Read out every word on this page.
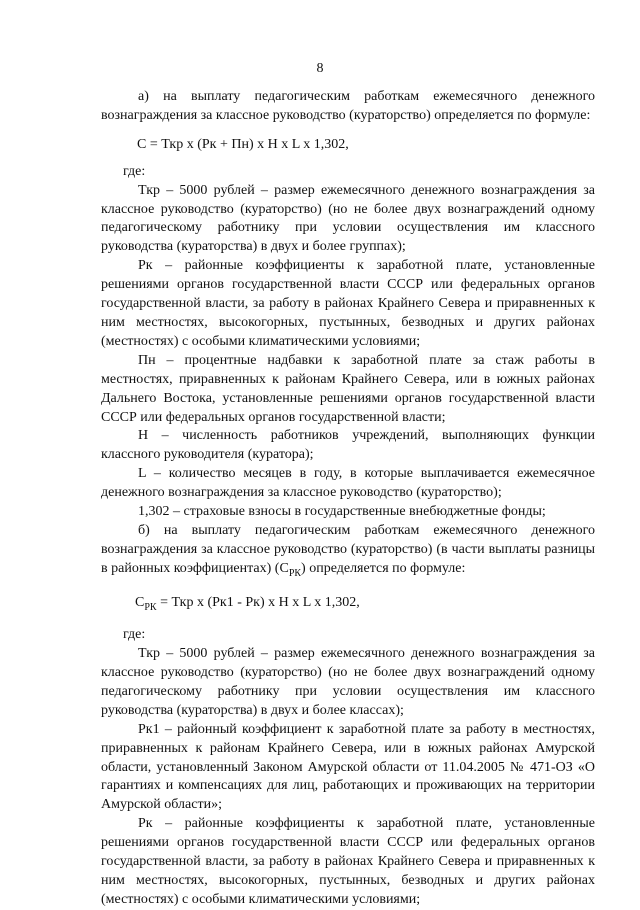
8

а) на выплату педагогическим работкам ежемесячного денежного вознаграждения за классное руководство (кураторство) определяется по формуле:

С = Ткр х (Рк + Пн) х Н х L х 1,302,

где:

Ткр – 5000 рублей – размер ежемесячного денежного вознаграждения за классное руководство (кураторство) (но не более двух вознаграждений одному педагогическому работнику при условии осуществления им классного руководства (кураторства) в двух и более группах);

Рк – районные коэффициенты к заработной плате, установленные решениями органов государственной власти СССР или федеральных органов государственной власти, за работу в районах Крайнего Севера и приравненных к ним местностях, высокогорных, пустынных, безводных и других районах (местностях) с особыми климатическими условиями;

Пн – процентные надбавки к заработной плате за стаж работы в местностях, приравненных к районам Крайнего Севера, или в южных районах Дальнего Востока, установленные решениями органов государственной власти СССР или федеральных органов государственной власти;

Н – численность работников учреждений, выполняющих функции классного руководителя (куратора);

L – количество месяцев в году, в которые выплачивается ежемесячное денежного вознаграждения за классное руководство (кураторство);

1,302 – страховые взносы в государственные внебюджетные фонды;

б) на выплату педагогическим работкам ежемесячного денежного вознаграждения за классное руководство (кураторство) (в части выплаты разницы в районных коэффициентах) $(С_{РК})$ определяется по формуле:

$С_{РК}$ = Ткр х (Рк1 - Рк) х Н х L х 1,302,

где:

Ткр – 5000 рублей – размер ежемесячного денежного вознаграждения за классное руководство (кураторство) (но не более двух вознаграждений одному педагогическому работнику при условии осуществления им классного руководства (кураторства) в двух и более классах);

Рк1 – районный коэффициент к заработной плате за работу в местностях, приравненных к районам Крайнего Севера, или в южных районах Амурской области, установленный Законом Амурской области от 11.04.2005 № 471-ОЗ «О гарантиях и компенсациях для лиц, работающих и проживающих на территории Амурской области»;

Рк – районные коэффициенты к заработной плате, установленные решениями органов государственной власти СССР или федеральных органов государственной власти, за работу в районах Крайнего Севера и приравненных к ним местностях, высокогорных, пустынных, безводных и других районах (местностях) с особыми климатическими условиями;
